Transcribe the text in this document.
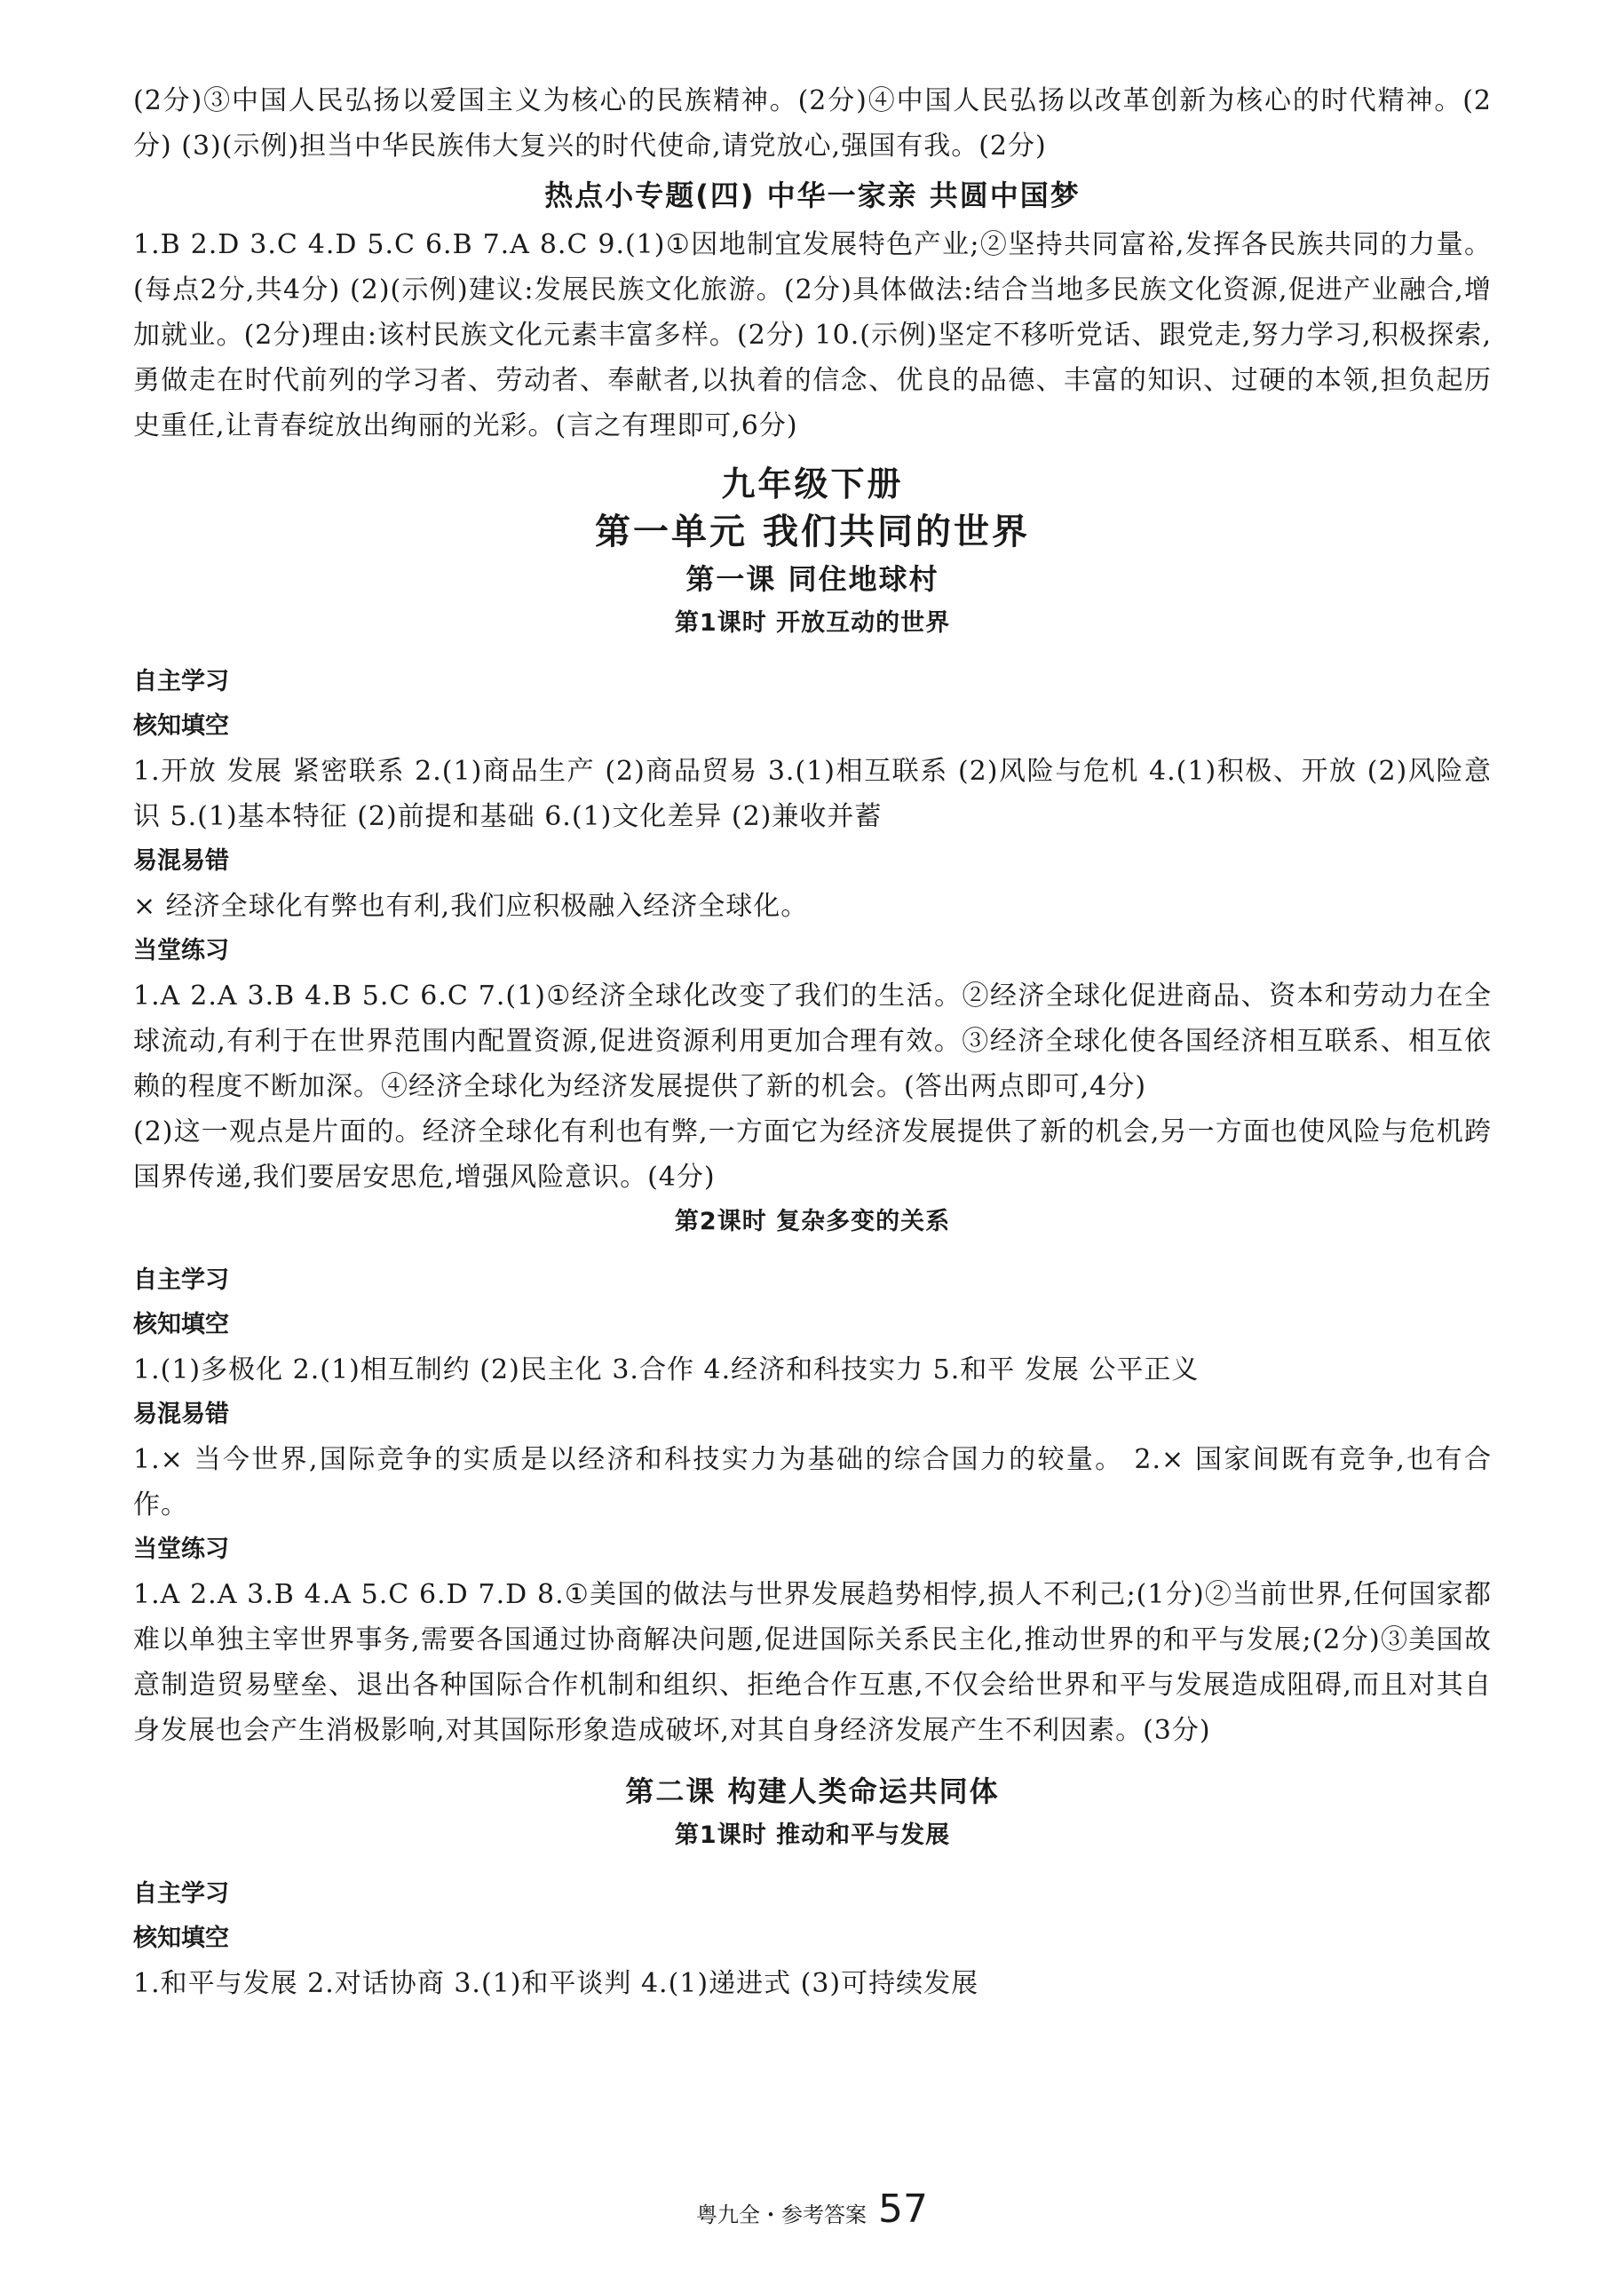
(2分)③中国人民弘扬以爱国主义为核心的民族精神。(2分)④中国人民弘扬以改革创新为核心的时代精神。(2分) (3)(示例)担当中华民族伟大复兴的时代使命,请党放心,强国有我。(2分)

热点小专题(四) 中华一家亲 共圆中国梦

1.B 2.D 3.C 4.D 5.C 6.B 7.A 8.C 9.(1)①因地制宜发展特色产业;②坚持共同富裕,发挥各民族共同的力量。(每点2分,共4分) (2)(示例)建议:发展民族文化旅游。(2分)具体做法:结合当地多民族文化资源,促进产业融合,增加就业。(2分)理由:该村民族文化元素丰富多样。(2分) 10.(示例)坚定不移听党话、跟党走,努力学习,积极探索,勇做走在时代前列的学习者、劳动者、奉献者,以执着的信念、优良的品德、丰富的知识、过硬的本领,担负起历史重任,让青春绽放出绚丽的光彩。(言之有理即可,6分)

九年级下册
第一单元 我们共同的世界
第一课 同住地球村
第1课时 开放互动的世界
自主学习
核知填空

1.开放 发展 紧密联系 2.(1)商品生产 (2)商品贸易 3.(1)相互联系 (2)风险与危机 4.(1)积极、开放 (2)风险意识 5.(1)基本特征 (2)前提和基础 6.(1)文化差异 (2)兼收并蓄

易混易错

× 经济全球化有弊也有利,我们应积极融入经济全球化。

当堂练习

1.A 2.A 3.B 4.B 5.C 6.C 7.(1)①经济全球化改变了我们的生活。②经济全球化促进商品、资本和劳动力在全球流动,有利于在世界范围内配置资源,促进资源利用更加合理有效。③经济全球化使各国经济相互联系、相互依赖的程度不断加深。④经济全球化为经济发展提供了新的机会。(答出两点即可,4分)

(2)这一观点是片面的。经济全球化有利也有弊,一方面它为经济发展提供了新的机会,另一方面也使风险与危机跨国界传递,我们要居安思危,增强风险意识。(4分)

第2课时 复杂多变的关系
自主学习
核知填空

1.(1)多极化 2.(1)相互制约 (2)民主化 3.合作 4.经济和科技实力 5.和平 发展 公平正义

易混易错

1.× 当今世界,国际竞争的实质是以经济和科技实力为基础的综合国力的较量。 2.× 国家间既有竞争,也有合作。

当堂练习

1.A 2.A 3.B 4.A 5.C 6.D 7.D 8.①美国的做法与世界发展趋势相悖,损人不利己;(1分)②当前世界,任何国家都难以单独主宰世界事务,需要各国通过协商解决问题,促进国际关系民主化,推动世界的和平与发展;(2分)③美国故意制造贸易壁垒、退出各种国际合作机制和组织、拒绝合作互惠,不仅会给世界和平与发展造成阻碍,而且对其自身发展也会产生消极影响,对其国际形象造成破坏,对其自身经济发展产生不利因素。(3分)

第二课 构建人类命运共同体
第1课时 推动和平与发展
自主学习
核知填空

1.和平与发展 2.对话协商 3.(1)和平谈判 4.(1)递进式 (3)可持续发展

粤九全・参考答案 57
